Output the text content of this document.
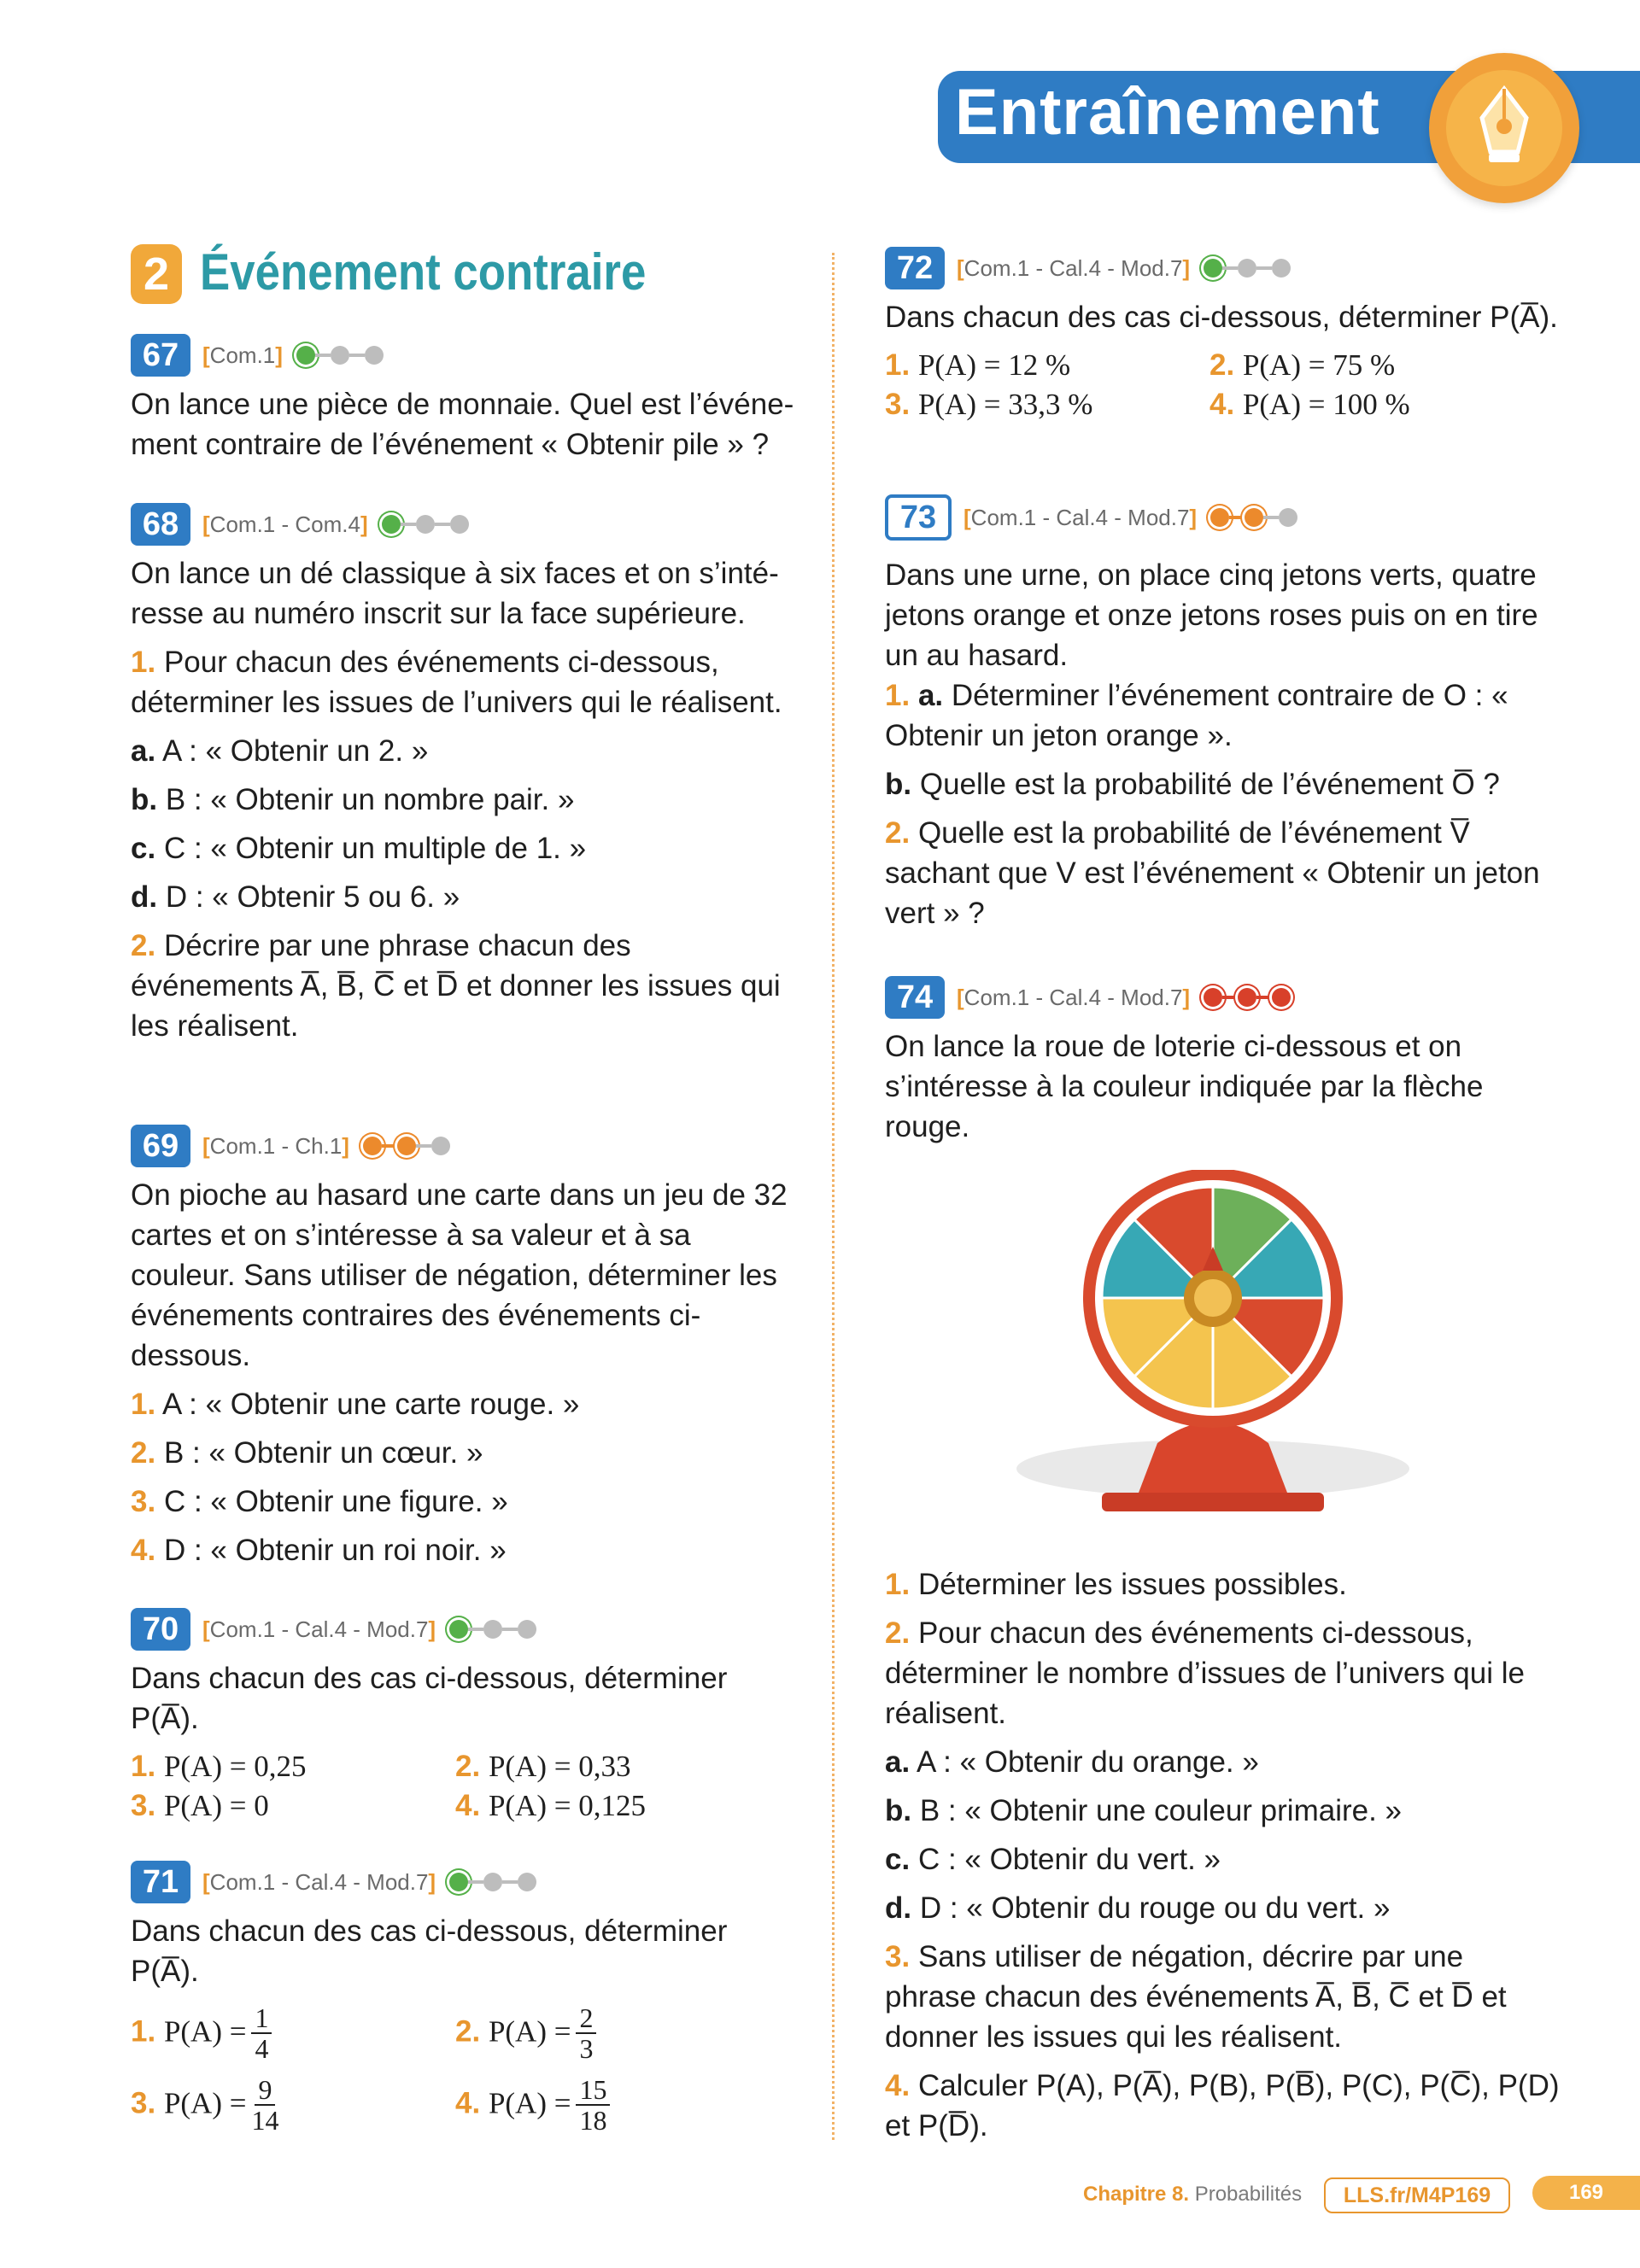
Entraînement
2 Événement contraire
67	[Com.1]
On lance une pièce de monnaie. Quel est l’événe-ment contraire de l’événement « Obtenir pile » ?
68	[Com.1 - Com.4]
On lance un dé classique à six faces et on s’inté-resse au numéro inscrit sur la face supérieure.
1. Pour chacun des événements ci-dessous, déterminer les issues de l’univers qui le réalisent.
a. A : « Obtenir un 2. »
b. B : « Obtenir un nombre pair. »
c. C : « Obtenir un multiple de 1. »
d. D : « Obtenir 5 ou 6. »
2. Décrire par une phrase chacun des événements A̅, B̅, C̅ et D̅ et donner les issues qui les réalisent.
69	[Com.1 - Ch.1]
On pioche au hasard une carte dans un jeu de 32 cartes et on s’intéresse à sa valeur et à sa couleur. Sans utiliser de négation, déterminer les événements contraires des événements ci-dessous.
1. A : « Obtenir une carte rouge. »
2. B : « Obtenir un cœur. »
3. C : « Obtenir une figure. »
4. D : « Obtenir un roi noir. »
70	[Com.1 - Cal.4 - Mod.7]
Dans chacun des cas ci-dessous, déterminer P(A̅).
1. P(A) = 0,25	2. P(A) = 0,33
3. P(A) = 0	4. P(A) = 0,125
71	[Com.1 - Cal.4 - Mod.7]
Dans chacun des cas ci-dessous, déterminer P(A̅).
1. $P(A) = \frac{1}{4}$	2. $P(A) = \frac{2}{3}$
3. $P(A) = \frac{9}{14}$	4. $P(A) = \frac{15}{18}$
72	[Com.1 - Cal.4 - Mod.7]
Dans chacun des cas ci-dessous, déterminer P(A̅).
1. P(A) = 12 %	2. P(A) = 75 %
3. P(A) = 33,3 %	4. P(A) = 100 %
73	[Com.1 - Cal.4 - Mod.7]
Dans une urne, on place cinq jetons verts, quatre jetons orange et onze jetons roses puis on en tire un au hasard.
1. a. Déterminer l’événement contraire de O : « Obtenir un jeton orange ».
b. Quelle est la probabilité de l’événement O̅ ?
2. Quelle est la probabilité de l’événement V̅ sachant que V est l’événement « Obtenir un jeton vert » ?
74	[Com.1 - Cal.4 - Mod.7]
On lance la roue de loterie ci-dessous et on s’intéresse à la couleur indiquée par la flèche rouge.
1. Déterminer les issues possibles.
2. Pour chacun des événements ci-dessous, déterminer le nombre d’issues de l’univers qui le réalisent.
a. A : « Obtenir du orange. »
b. B : « Obtenir une couleur primaire. »
c. C : « Obtenir du vert. »
d. D : « Obtenir du rouge ou du vert. »
3. Sans utiliser de négation, décrire par une phrase chacun des événements A̅, B̅, C̅ et D̅ et donner les issues qui les réalisent.
4. Calculer P(A), P(A̅), P(B), P(B̅), P(C), P(C̅), P(D) et P(D̅).
Chapitre 8. Probabilités	LLS.fr/M4P169	169
